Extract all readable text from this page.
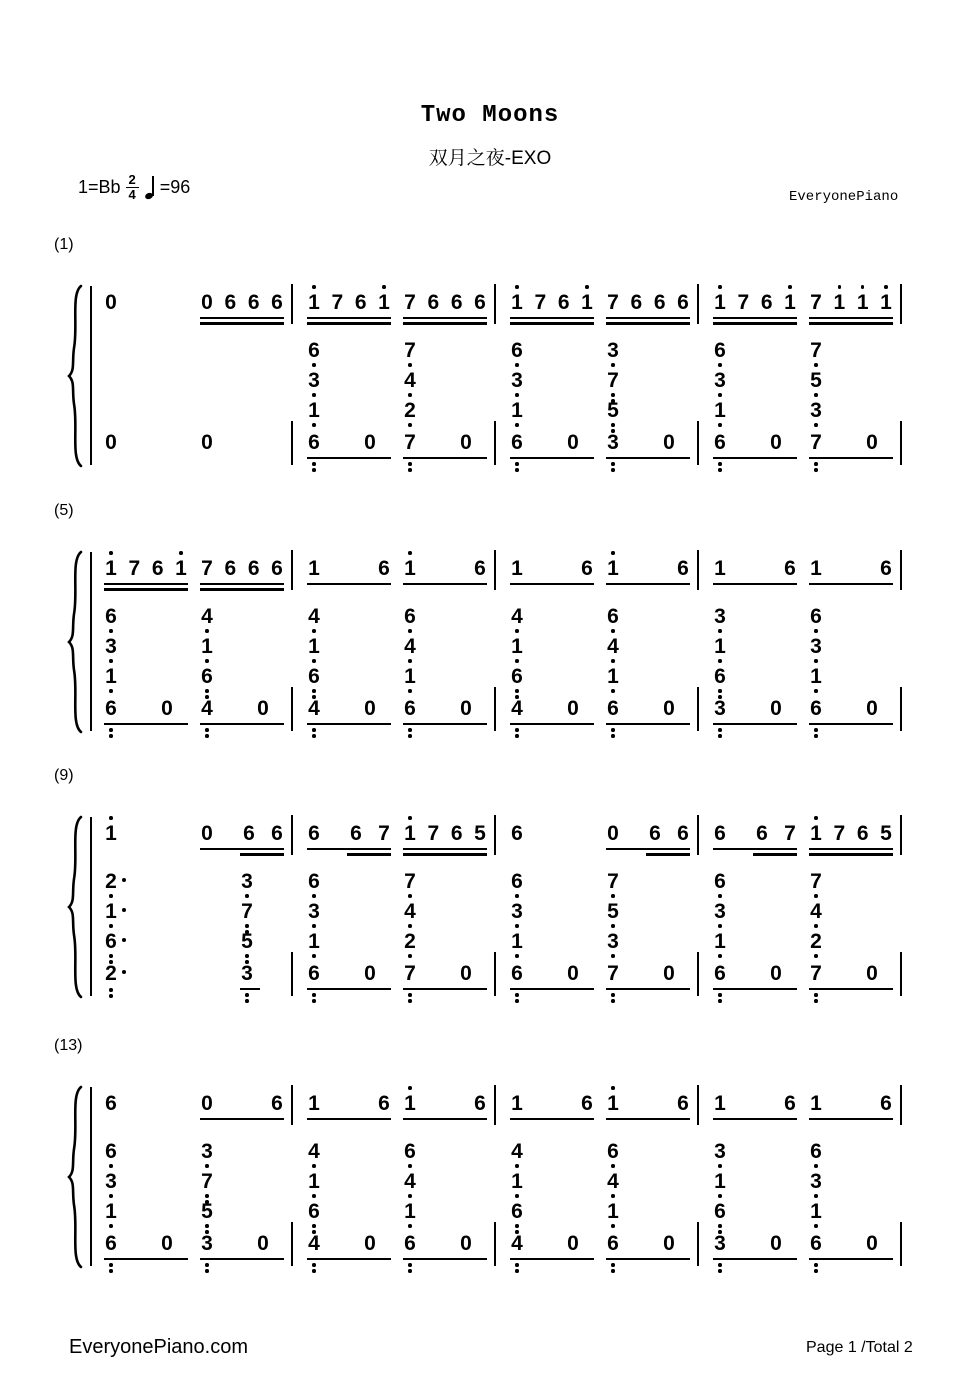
Two Moons
双月之夜-EXO
$1=Bb \frac{2}{4} =96$
EveryonePiano
0	0 6 6 6
0	0
1 7 6 1 7 6 6 6
6
3
1
6 0
7
4
2
7 0
1 7 6 1 7 6 6 6
6
3
1
6 0
3
7
5
3 0
1 7 6 1 7 1 1 1
6
3
1
6 0
7
5
3
7 0
1 7 6 1 7 6 6 6
6
3
1
6 0
4
1
6
4 0
1	6 1	6
4
1
6
4 0
6
4
1
6 0
1	6 1	6
4
1
6
4 0
6
4
1
6 0
1	6 1	6
3
1
6
3 0
6
3
1
6 0
1	0 6 6
2
1
6
2
3
7
5
3
6 6 7 1 7 6 5
6
3
1
6 0
7
4
2
7 0
6	0 6 6
6
3
1
6 0
7
5
3
7 0
6 6 7 1 7 6 5
6
3
1
6 0
7
4
2
7 0
6	0	6
6
3
1
6 0
3
7
5
3 0
1	6 1	6
4
1
6
4 0
6
4
1
6 0
1	6 1	6
4
1
6
4 0
6
4
1
6 0
1	6 1	6
3
1
6
3 0
6
3
1
6 0
EveryonePiano.com	Page 1 /Total 2
(1)
(5)
(9)
(13)
